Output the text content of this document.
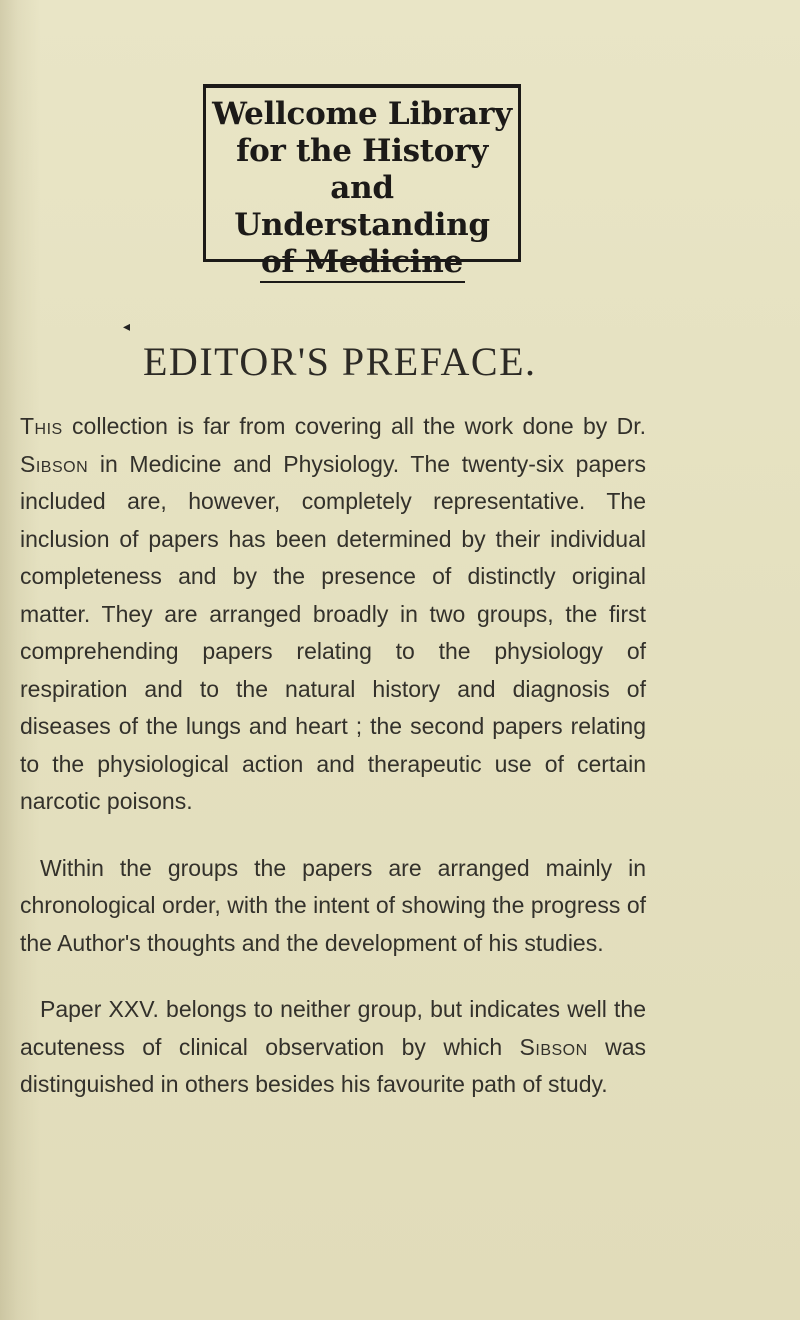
Wellcome Library
for the History
and Understanding
of Medicine
◂
EDITOR'S PREFACE.

This collection is far from covering all the work done by Dr. Sibson in Medicine and Physiology. The twenty-six papers included are, however, completely representative. The inclusion of papers has been determined by their individual completeness and by the presence of distinctly original matter. They are arranged broadly in two groups, the first comprehending papers relating to the physiology of respiration and to the natural history and diagnosis of diseases of the lungs and heart ; the second papers relating to the physiological action and therapeutic use of certain narcotic poisons.

Within the groups the papers are arranged mainly in chronological order, with the intent of showing the progress of the Author's thoughts and the development of his studies.

Paper XXV. belongs to neither group, but indicates well the acuteness of clinical observation by which Sibson was distinguished in others besides his favourite path of study.
